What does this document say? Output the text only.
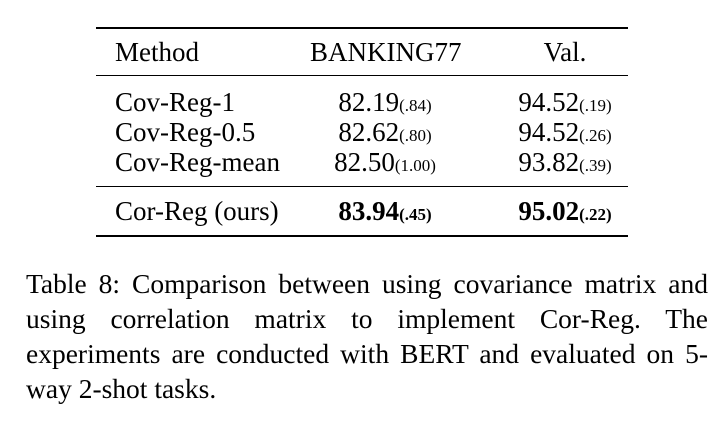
Method	BANKING77	Val.
Cov-Reg-1	82.19(.84)	94.52(.19)
Cov-Reg-0.5	82.62(.80)	94.52(.26)
Cov-Reg-mean	82.50(1.00)	93.82(.39)
Cor-Reg (ours)	83.94(.45)	95.02(.22)
Table 8: Comparison between using covariance matrix and using correlation matrix to implement Cor-Reg. The experiments are conducted with BERT and evaluated on 5-way 2-shot tasks.
